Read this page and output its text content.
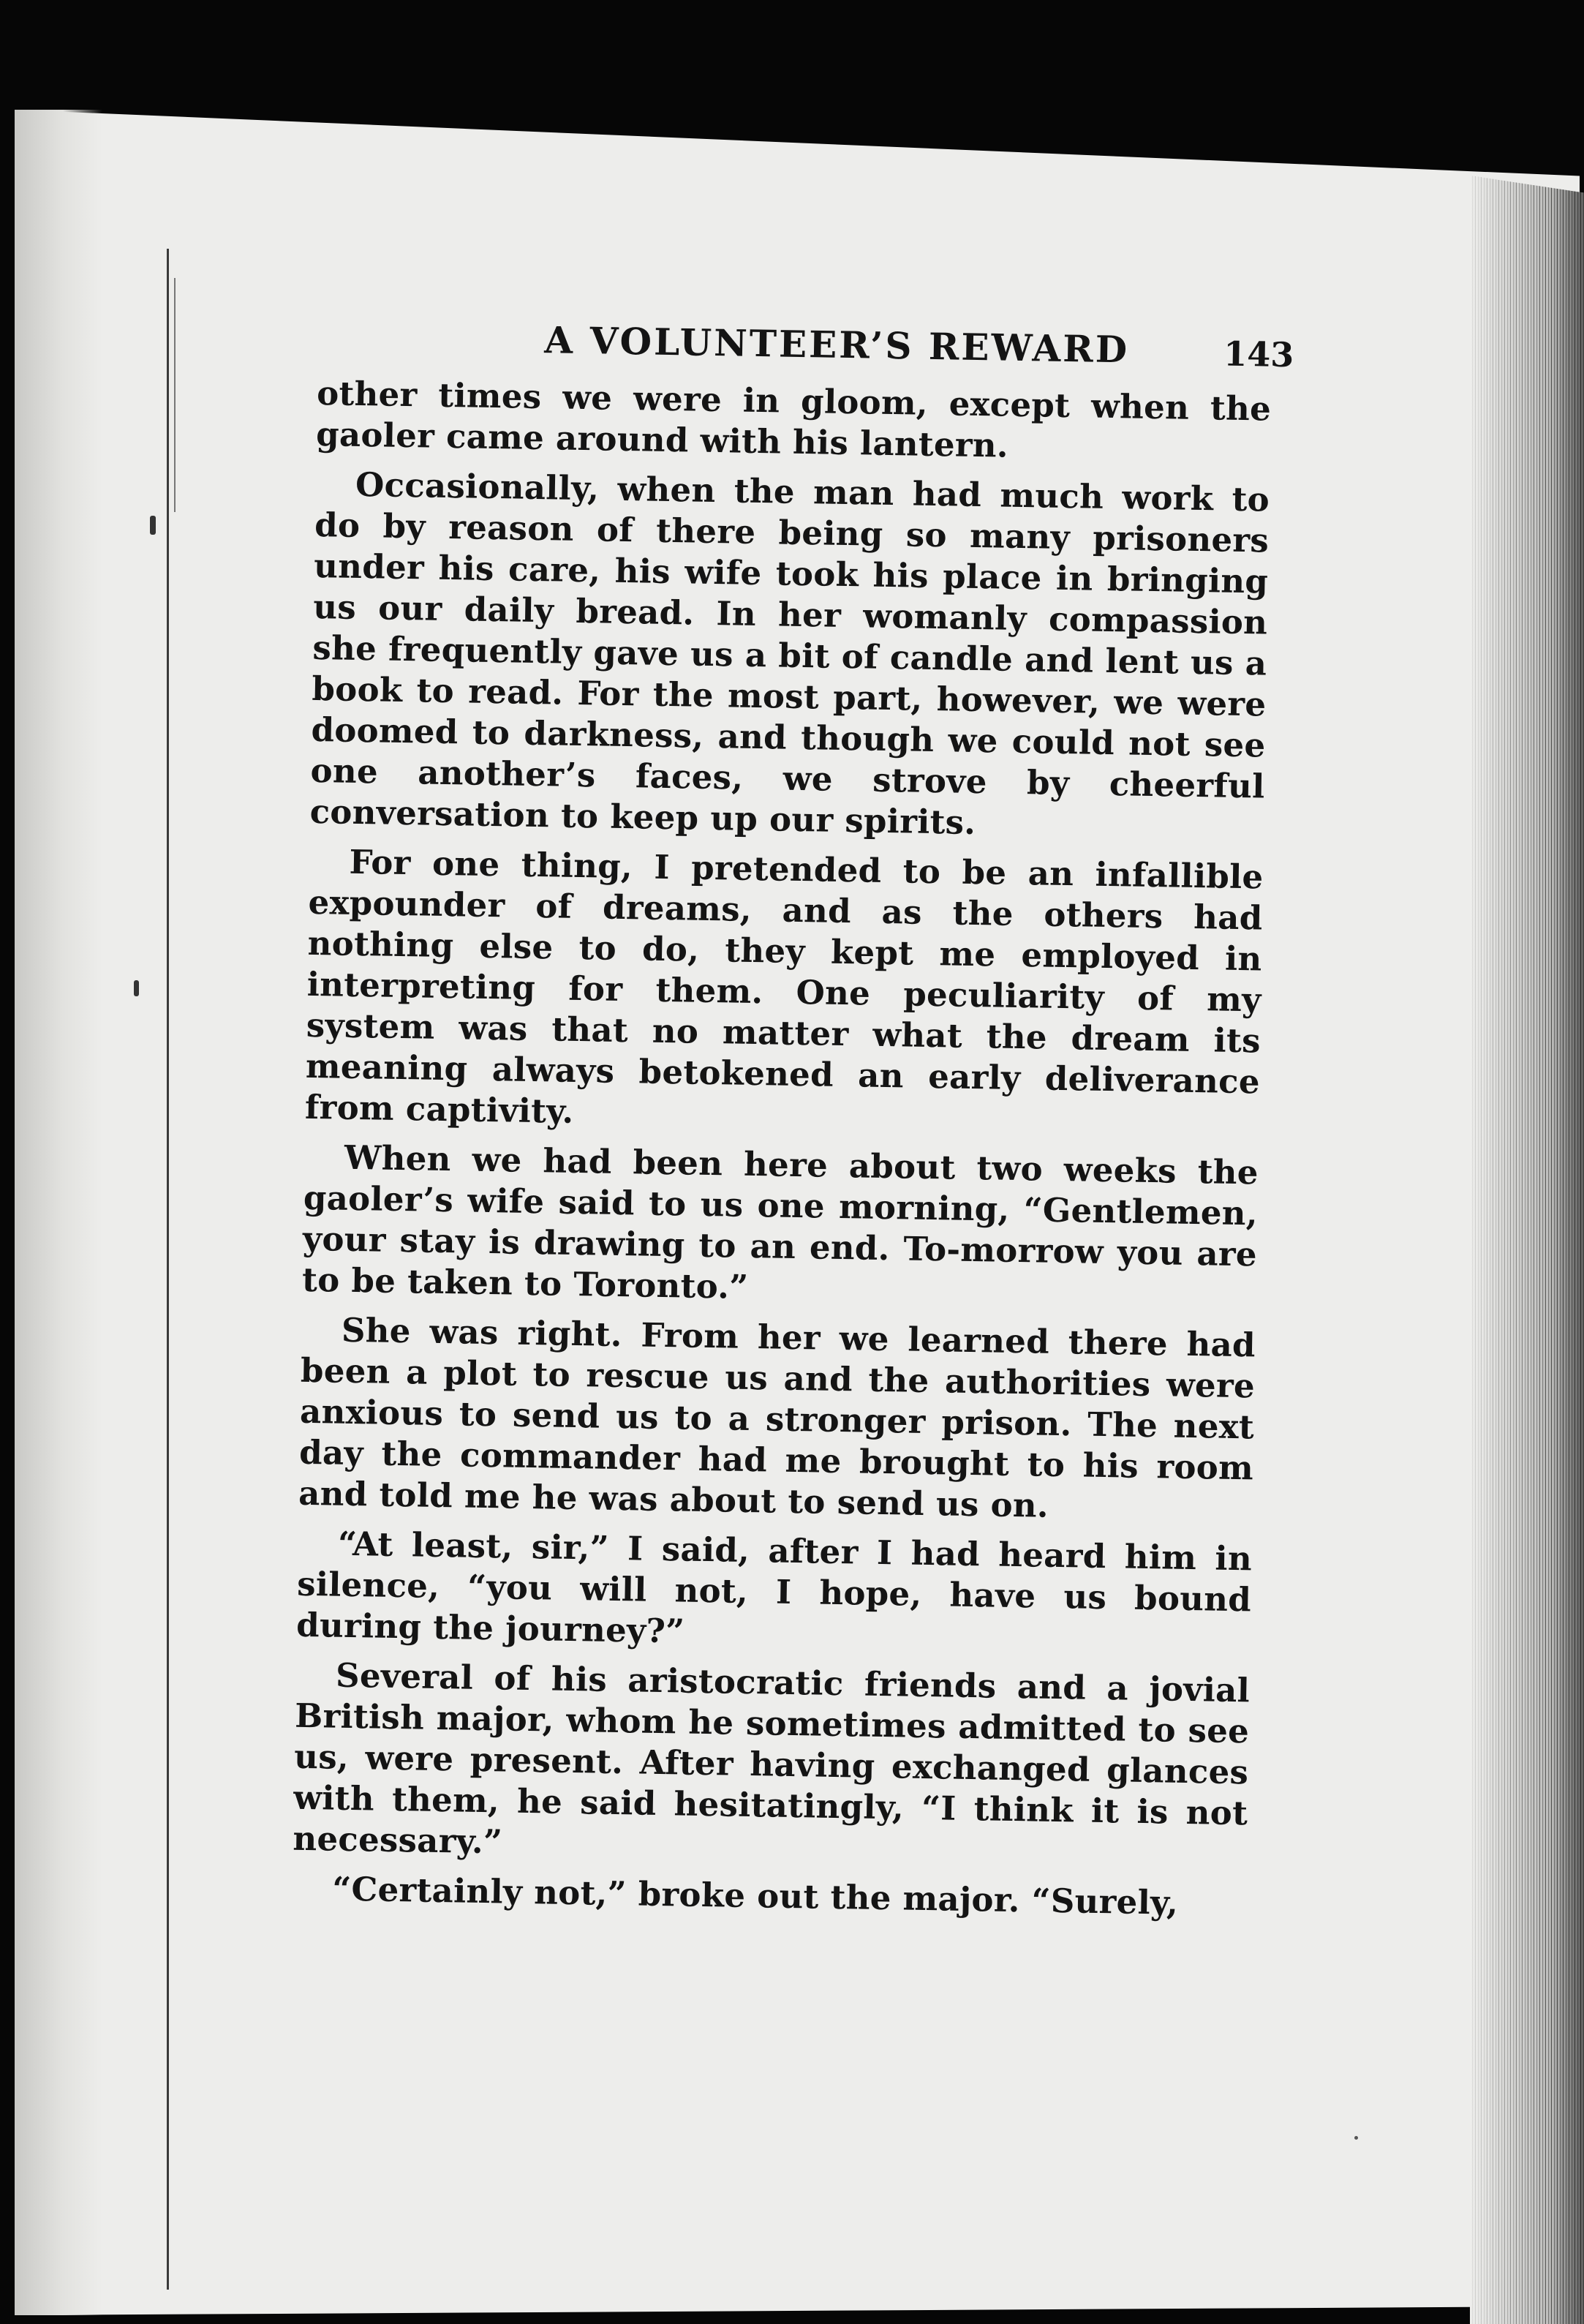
A VOLUNTEER’S REWARD	143

other times we were in gloom, except when the gaoler came around with his lantern.

Occasionally, when the man had much work to do by reason of there being so many prisoners under his care, his wife took his place in bringing us our daily bread. In her womanly compassion she frequently gave us a bit of candle and lent us a book to read. For the most part, however, we were doomed to darkness, and though we could not see one another’s faces, we strove by cheerful conversation to keep up our spirits.

For one thing, I pretended to be an infallible expounder of dreams, and as the others had nothing else to do, they kept me employed in interpreting for them. One peculiarity of my system was that no matter what the dream its meaning always betokened an early deliverance from captivity.

When we had been here about two weeks the gaoler’s wife said to us one morning, “Gentlemen, your stay is drawing to an end. To-morrow you are to be taken to Toronto.”

She was right. From her we learned there had been a plot to rescue us and the authorities were anxious to send us to a stronger prison. The next day the commander had me brought to his room and told me he was about to send us on.

“At least, sir,” I said, after I had heard him in silence, “you will not, I hope, have us bound during the journey?”

Several of his aristocratic friends and a jovial British major, whom he sometimes admitted to see us, were present. After having exchanged glances with them, he said hesitatingly, “I think it is not necessary.”

“Certainly not,” broke out the major. “Surely,
